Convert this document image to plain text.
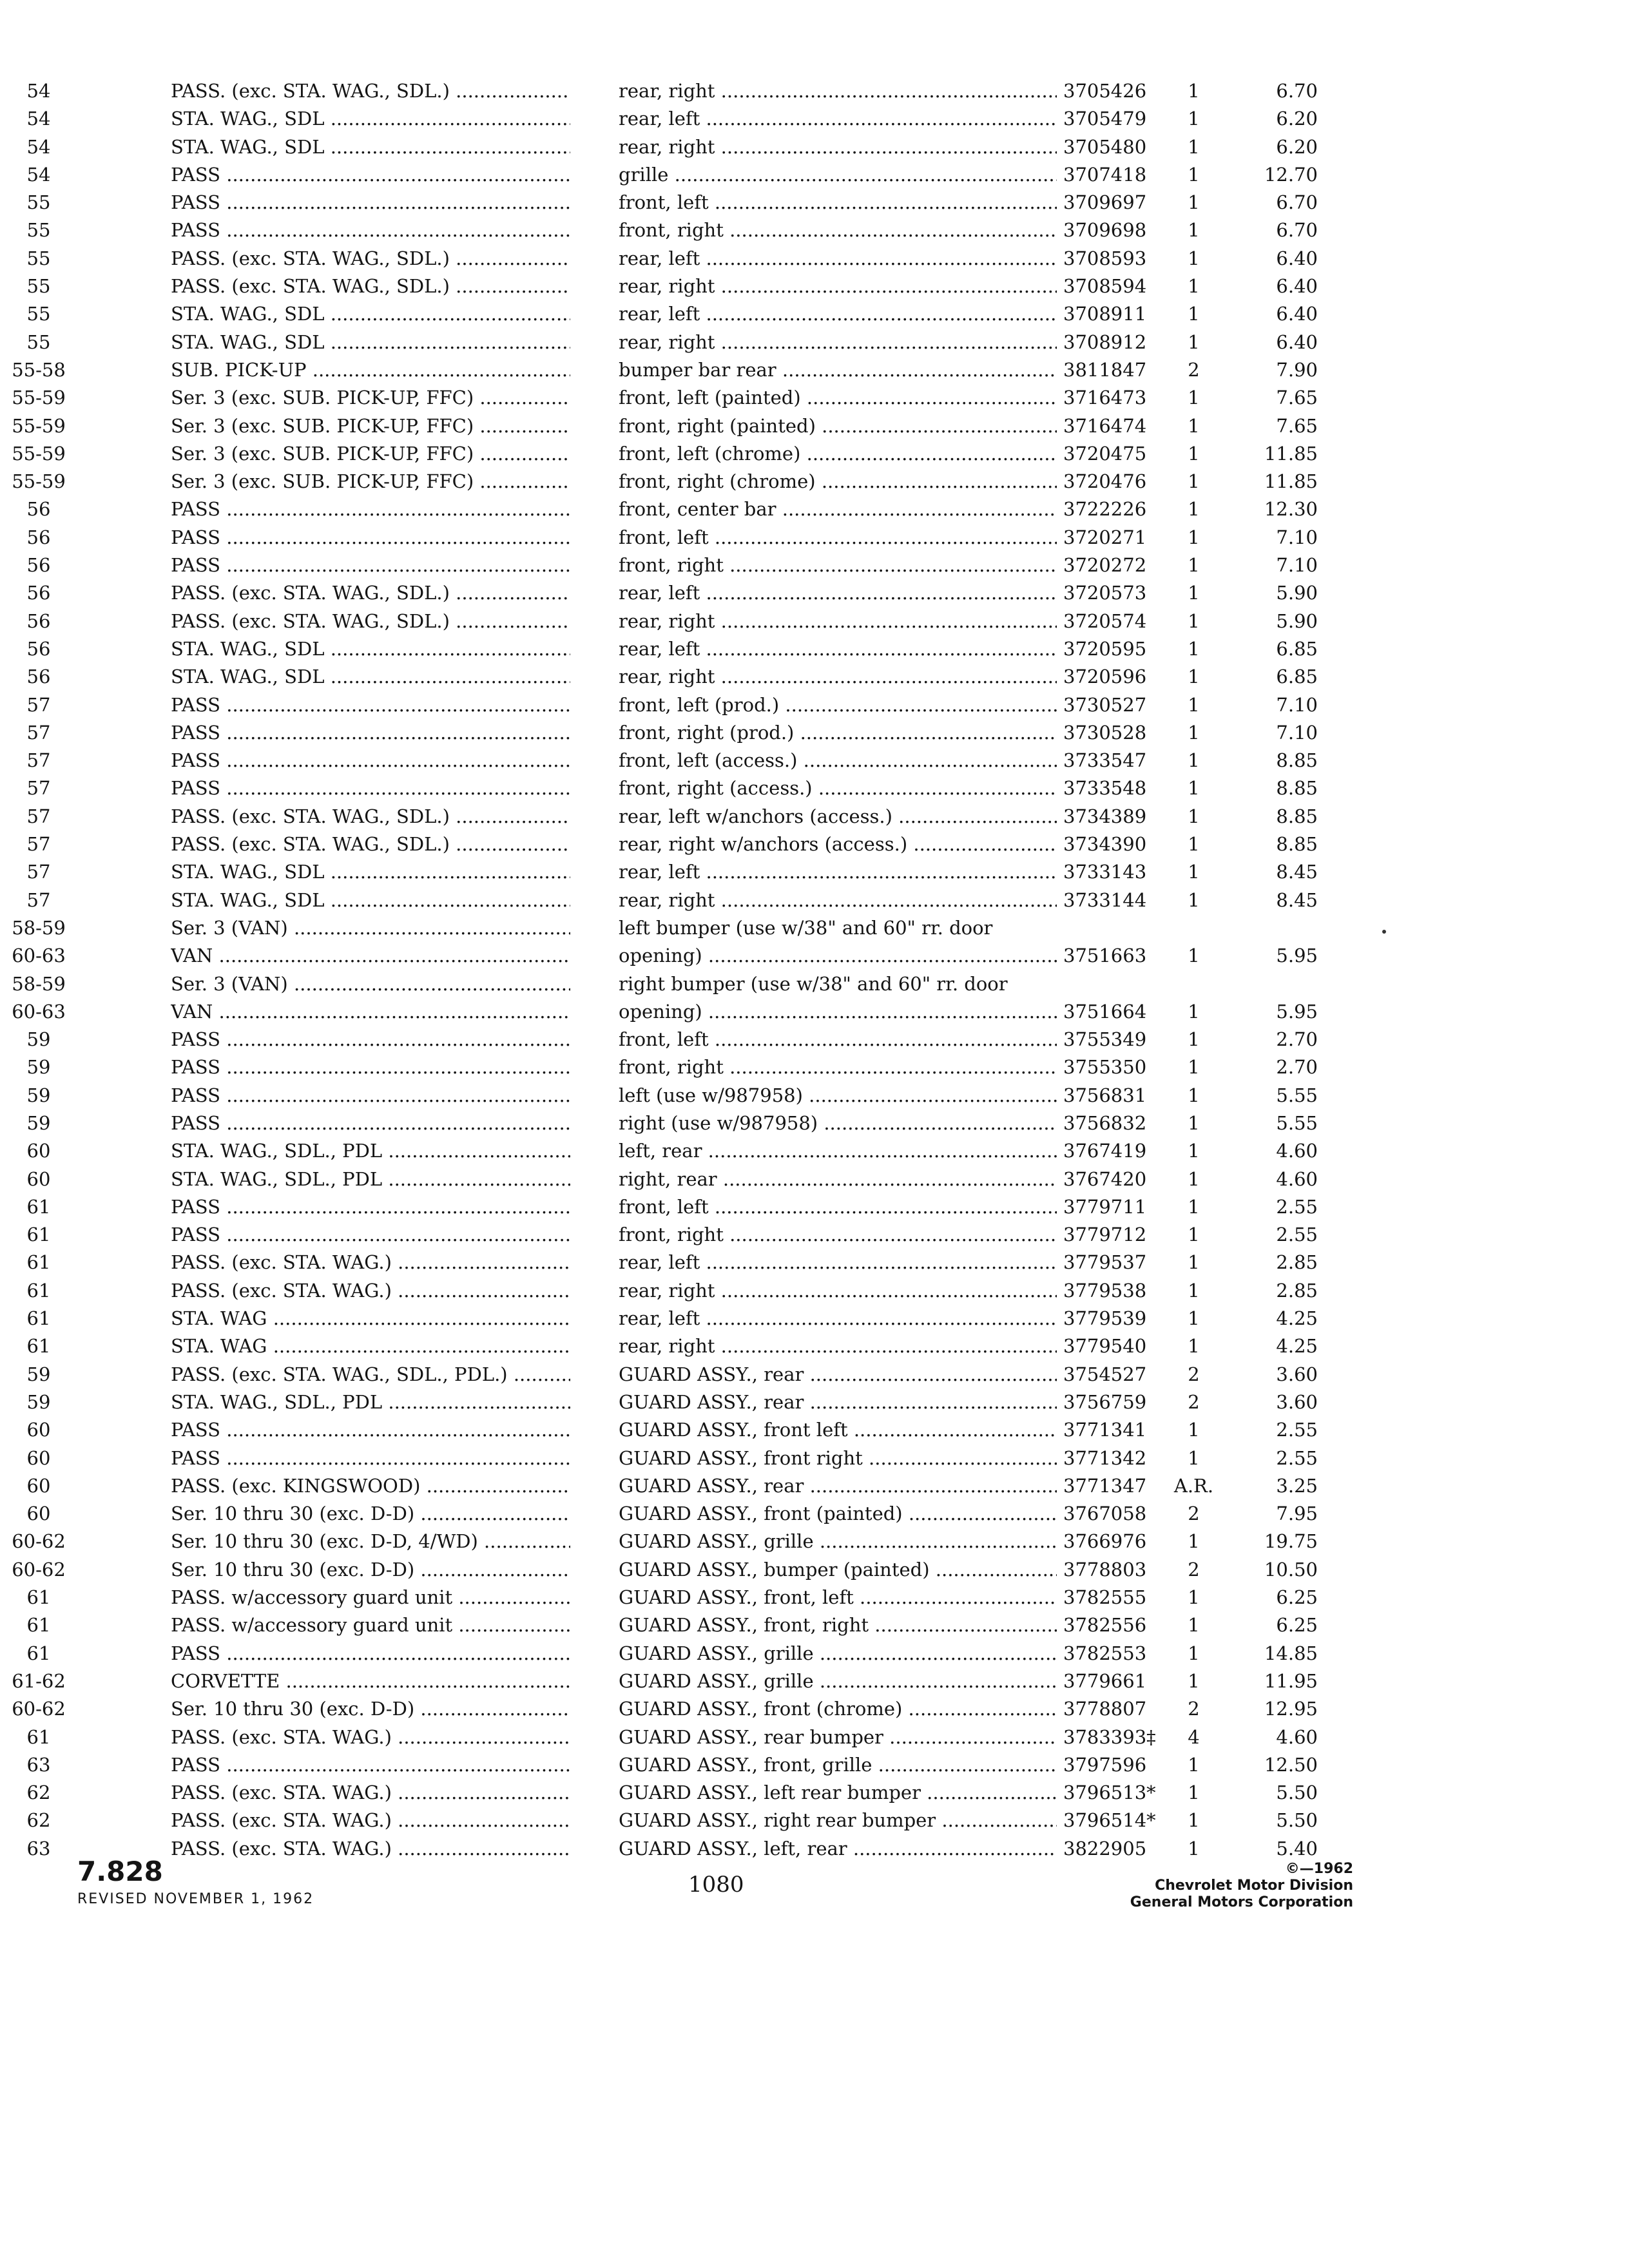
54	PASS. (exc. STA. WAG., SDL.) .....	rear, right .....	3705426	1	6.70
54	STA. WAG., SDL .....	rear, left .....	3705479	1	6.20
54	STA. WAG., SDL .....	rear, right .....	3705480	1	6.20
54	PASS .....	grille .....	3707418	1	12.70
55	PASS .....	front, left .....	3709697	1	6.70
55	PASS .....	front, right .....	3709698	1	6.70
55	PASS. (exc. STA. WAG., SDL.) .....	rear, left .....	3708593	1	6.40
55	PASS. (exc. STA. WAG., SDL.) .....	rear, right .....	3708594	1	6.40
55	STA. WAG., SDL .....	rear, left .....	3708911	1	6.40
55	STA. WAG., SDL .....	rear, right .....	3708912	1	6.40
55-58	SUB. PICK-UP .....	bumper bar rear .....	3811847	2	7.90
55-59	Ser. 3 (exc. SUB. PICK-UP, FFC) .....	front, left (painted) .....	3716473	1	7.65
55-59	Ser. 3 (exc. SUB. PICK-UP, FFC) .....	front, right (painted) .....	3716474	1	7.65
55-59	Ser. 3 (exc. SUB. PICK-UP, FFC) .....	front, left (chrome) .....	3720475	1	11.85
55-59	Ser. 3 (exc. SUB. PICK-UP, FFC) .....	front, right (chrome) .....	3720476	1	11.85
56	PASS .....	front, center bar .....	3722226	1	12.30
56	PASS .....	front, left .....	3720271	1	7.10
56	PASS .....	front, right .....	3720272	1	7.10
56	PASS. (exc. STA. WAG., SDL.) .....	rear, left .....	3720573	1	5.90
56	PASS. (exc. STA. WAG., SDL.) .....	rear, right .....	3720574	1	5.90
56	STA. WAG., SDL .....	rear, left .....	3720595	1	6.85
56	STA. WAG., SDL .....	rear, right .....	3720596	1	6.85
57	PASS .....	front, left (prod.) .....	3730527	1	7.10
57	PASS .....	front, right (prod.) .....	3730528	1	7.10
57	PASS .....	front, left (access.) .....	3733547	1	8.85
57	PASS .....	front, right (access.) .....	3733548	1	8.85
57	PASS. (exc. STA. WAG., SDL.) .....	rear, left w/anchors (access.) .....	3734389	1	8.85
57	PASS. (exc. STA. WAG., SDL.) .....	rear, right w/anchors (access.) .....	3734390	1	8.85
57	STA. WAG., SDL .....	rear, left .....	3733143	1	8.45
57	STA. WAG., SDL .....	rear, right .....	3733144	1	8.45
58-59	Ser. 3 (VAN) .....	left bumper (use w/38" and 60" rr. door
60-63	VAN .....	opening) .....	3751663	1	5.95
58-59	Ser. 3 (VAN) .....	right bumper (use w/38" and 60" rr. door
60-63	VAN .....	opening) .....	3751664	1	5.95
59	PASS .....	front, left .....	3755349	1	2.70
59	PASS .....	front, right .....	3755350	1	2.70
59	PASS .....	left (use w/987958) .....	3756831	1	5.55
59	PASS .....	right (use w/987958) .....	3756832	1	5.55
60	STA. WAG., SDL., PDL .....	left, rear .....	3767419	1	4.60
60	STA. WAG., SDL., PDL .....	right, rear .....	3767420	1	4.60
61	PASS .....	front, left .....	3779711	1	2.55
61	PASS .....	front, right .....	3779712	1	2.55
61	PASS. (exc. STA. WAG.) .....	rear, left .....	3779537	1	2.85
61	PASS. (exc. STA. WAG.) .....	rear, right .....	3779538	1	2.85
61	STA. WAG .....	rear, left .....	3779539	1	4.25
61	STA. WAG .....	rear, right .....	3779540	1	4.25
59	PASS. (exc. STA. WAG., SDL., PDL.) .....	GUARD ASSY., rear .....	3754527	2	3.60
59	STA. WAG., SDL., PDL .....	GUARD ASSY., rear .....	3756759	2	3.60
60	PASS .....	GUARD ASSY., front left .....	3771341	1	2.55
60	PASS .....	GUARD ASSY., front right .....	3771342	1	2.55
60	PASS. (exc. KINGSWOOD) .....	GUARD ASSY., rear .....	3771347	A.R.	3.25
60	Ser. 10 thru 30 (exc. D-D) .....	GUARD ASSY., front (painted) .....	3767058	2	7.95
60-62	Ser. 10 thru 30 (exc. D-D, 4/WD) .....	GUARD ASSY., grille .....	3766976	1	19.75
60-62	Ser. 10 thru 30 (exc. D-D) .....	GUARD ASSY., bumper (painted) .....	3778803	2	10.50
61	PASS. w/accessory guard unit .....	GUARD ASSY., front, left .....	3782555	1	6.25
61	PASS. w/accessory guard unit .....	GUARD ASSY., front, right .....	3782556	1	6.25
61	PASS .....	GUARD ASSY., grille .....	3782553	1	14.85
61-62	CORVETTE .....	GUARD ASSY., grille .....	3779661	1	11.95
60-62	Ser. 10 thru 30 (exc. D-D) .....	GUARD ASSY., front (chrome) .....	3778807	2	12.95
61	PASS. (exc. STA. WAG.) .....	GUARD ASSY., rear bumper .....	3783393‡	4	4.60
63	PASS .....	GUARD ASSY., front, grille .....	3797596	1	12.50
62	PASS. (exc. STA. WAG.) .....	GUARD ASSY., left rear bumper .....	3796513*	1	5.50
62	PASS. (exc. STA. WAG.) .....	GUARD ASSY., right rear bumper .....	3796514*	1	5.50
63	PASS. (exc. STA. WAG.) .....	GUARD ASSY., left, rear .....	3822905	1	5.40
7.828
REVISED NOVEMBER 1, 1962
1080
©—1962
Chevrolet Motor Division
General Motors Corporation
